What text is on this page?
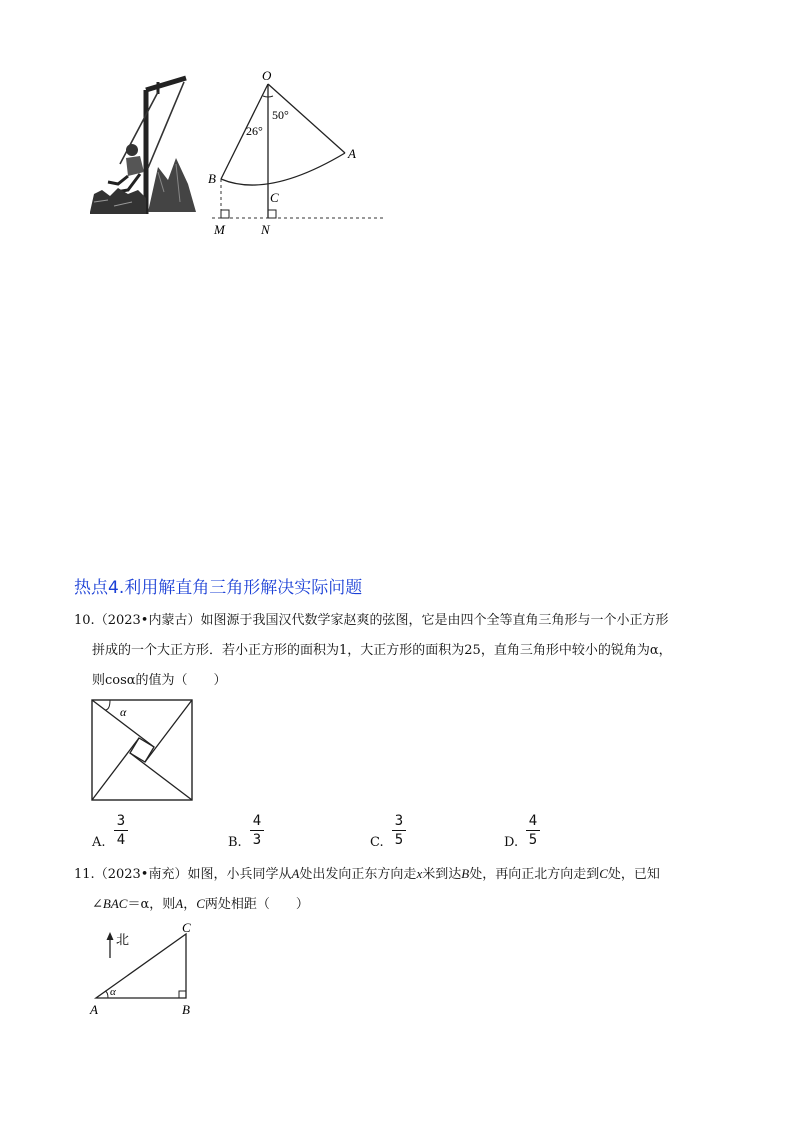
O
A
B
C
M	N
26°
50°
热点4.利用解直角三角形解决实际问题
10.（2023•内蒙古）如图源于我国汉代数学家赵爽的弦图，它是由四个全等直角三角形与一个小正方形
拼成的一个大正方形．若小正方形的面积为1，大正方形的面积为25，直角三角形中较小的锐角为α，
则cosα的值为（　　）
α
A.
3
4	B.
4
3	C.
3
5	D.
4
5
11.（2023•南充）如图，小兵同学从A处出发向正东方向走x米到达B处，再向正北方向走到C处，已知
∠BAC＝α，则A，C两处相距（　　）
北
α
A	B
C
